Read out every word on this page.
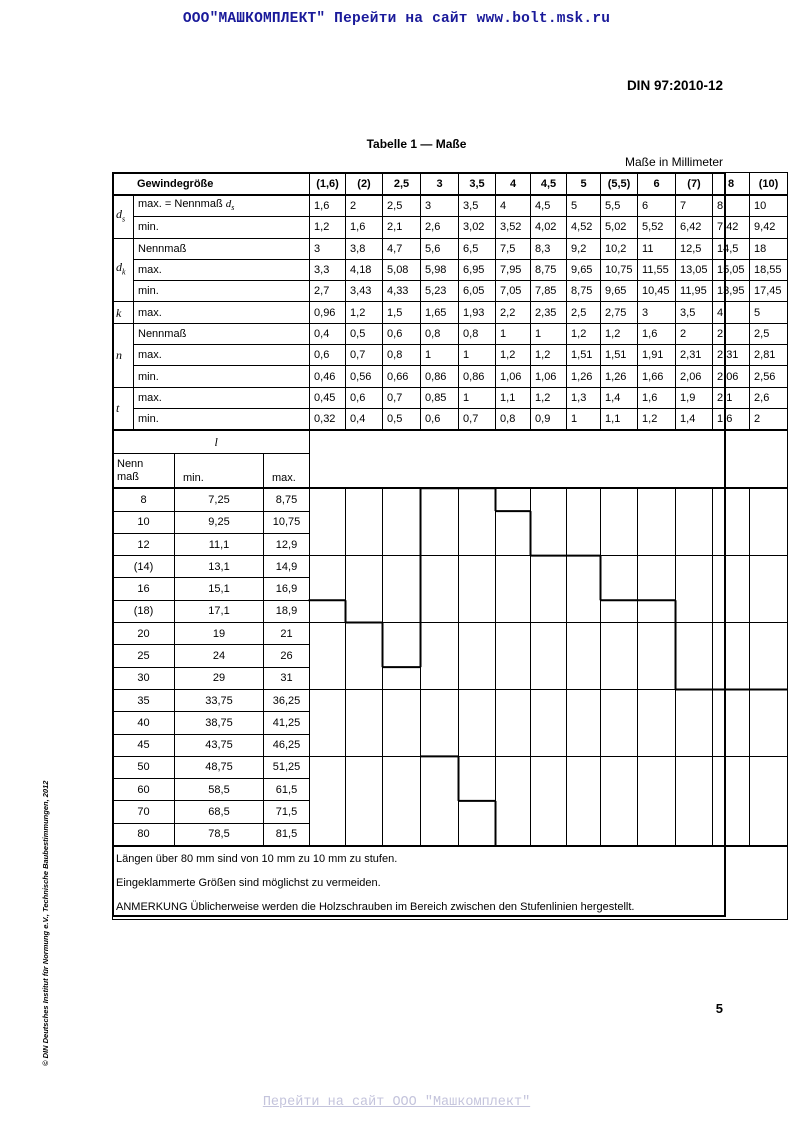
ООО"МАШКОМПЛЕКТ" Перейти на сайт www.bolt.msk.ru
DIN 97:2010-12
Tabelle 1 — Maße
Maße in Millimeter
Gewindegröße				(1,6)	(2)	2,5	3	3,5	4	4,5	5	(5,5)	6	(7)	8	(10)
$d_s$	max. = Nennmaß $d_s$			1,6	2	2,5	3	3,5	4	4,5	5	5,5	6	7	8	10
	min.			1,2	1,6	2,1	2,6	3,02	3,52	4,02	4,52	5,02	5,52	6,42	7,42	9,42
$d_k$	Nennmaß			3	3,8	4,7	5,6	6,5	7,5	8,3	9,2	10,2	11	12,5	14,5	18
	max.			3,3	4,18	5,08	5,98	6,95	7,95	8,75	9,65	10,75	11,55	13,05	15,05	18,55
	min.			2,7	3,43	4,33	5,23	6,05	7,05	7,85	8,75	9,65	10,45	11,95	13,95	17,45
k	max.			0,96	1,2	1,5	1,65	1,93	2,2	2,35	2,5	2,75	3	3,5	4	5
n	Nennmaß			0,4	0,5	0,6	0,8	0,8	1	1	1,2	1,2	1,6	2	2	2,5
	max.			0,6	0,7	0,8	1	1	1,2	1,2	1,51	1,51	1,91	2,31	2,31	2,81
	min.			0,46	0,56	0,66	0,86	0,86	1,06	1,06	1,26	1,26	1,66	2,06	2,06	2,56
t	max.			0,45	0,6	0,7	0,85	1	1,1	1,2	1,3	1,4	1,6	1,9	2,1	2,6
	min.			0,32	0,4	0,5	0,6	0,7	0,8	0,9	1	1,1	1,2	1,4	1,6	2
		l														
Nenn
maß		min.	max.													
8		7,25	8,75													
10		9,25	10,75													
12		11,1	12,9													
(14)		13,1	14,9													
16		15,1	16,9													
(18)		17,1	18,9													
20		19	21													
25		24	26													
30		29	31													
35		33,75	36,25													
40		38,75	41,25													
45		43,75	46,25													
50		48,75	51,25													
60		58,5	61,5													
70		68,5	71,5													
80		78,5	81,5													
Längen über 80 mm sind von 10 mm zu 10 mm zu stufen.																
Eingeklammerte Größen sind möglichst zu vermeiden.																
ANMERKUNG Üblicherweise werden die Holzschrauben im Bereich zwischen den Stufenlinien hergestellt.																
5
© DIN Deutsches Institut für Normung e.V., Technische Baubestimmungen, 2012
Перейти на сайт ООО "Машкомплект"
